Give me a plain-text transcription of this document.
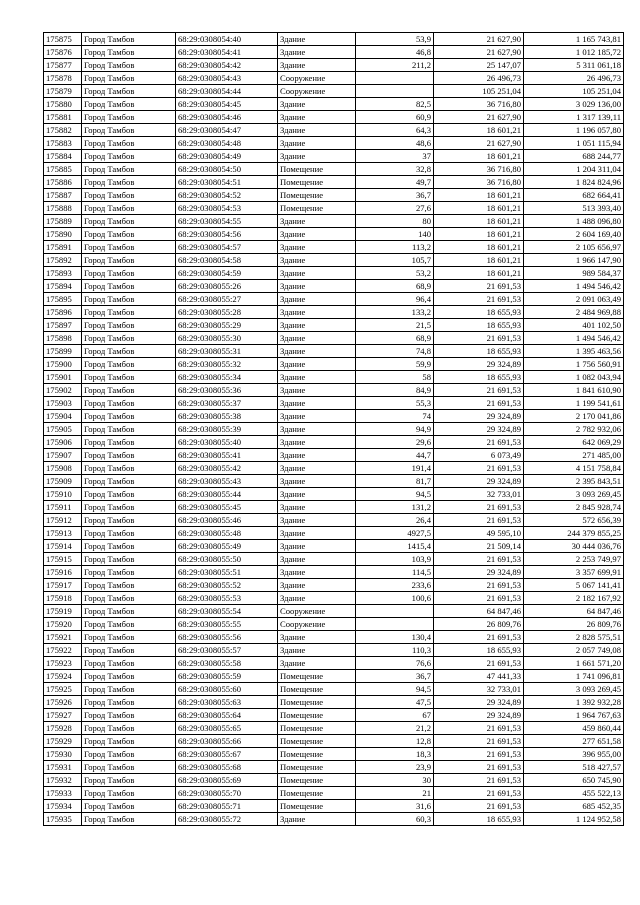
175875	Город Тамбов	68:29:0308054:40	Здание	53,9	21 627,90	1 165 743,81
175876	Город Тамбов	68:29:0308054:41	Здание	46,8	21 627,90	1 012 185,72
175877	Город Тамбов	68:29:0308054:42	Здание	211,2	25 147,07	5 311 061,18
175878	Город Тамбов	68:29:0308054:43	Сооружение		26 496,73	26 496,73
175879	Город Тамбов	68:29:0308054:44	Сооружение		105 251,04	105 251,04
175880	Город Тамбов	68:29:0308054:45	Здание	82,5	36 716,80	3 029 136,00
175881	Город Тамбов	68:29:0308054:46	Здание	60,9	21 627,90	1 317 139,11
175882	Город Тамбов	68:29:0308054:47	Здание	64,3	18 601,21	1 196 057,80
175883	Город Тамбов	68:29:0308054:48	Здание	48,6	21 627,90	1 051 115,94
175884	Город Тамбов	68:29:0308054:49	Здание	37	18 601,21	688 244,77
175885	Город Тамбов	68:29:0308054:50	Помещение	32,8	36 716,80	1 204 311,04
175886	Город Тамбов	68:29:0308054:51	Помещение	49,7	36 716,80	1 824 824,96
175887	Город Тамбов	68:29:0308054:52	Помещение	36,7	18 601,21	682 664,41
175888	Город Тамбов	68:29:0308054:53	Помещение	27,6	18 601,21	513 393,40
175889	Город Тамбов	68:29:0308054:55	Здание	80	18 601,21	1 488 096,80
175890	Город Тамбов	68:29:0308054:56	Здание	140	18 601,21	2 604 169,40
175891	Город Тамбов	68:29:0308054:57	Здание	113,2	18 601,21	2 105 656,97
175892	Город Тамбов	68:29:0308054:58	Здание	105,7	18 601,21	1 966 147,90
175893	Город Тамбов	68:29:0308054:59	Здание	53,2	18 601,21	989 584,37
175894	Город Тамбов	68:29:0308055:26	Здание	68,9	21 691,53	1 494 546,42
175895	Город Тамбов	68:29:0308055:27	Здание	96,4	21 691,53	2 091 063,49
175896	Город Тамбов	68:29:0308055:28	Здание	133,2	18 655,93	2 484 969,88
175897	Город Тамбов	68:29:0308055:29	Здание	21,5	18 655,93	401 102,50
175898	Город Тамбов	68:29:0308055:30	Здание	68,9	21 691,53	1 494 546,42
175899	Город Тамбов	68:29:0308055:31	Здание	74,8	18 655,93	1 395 463,56
175900	Город Тамбов	68:29:0308055:32	Здание	59,9	29 324,89	1 756 560,91
175901	Город Тамбов	68:29:0308055:34	Здание	58	18 655,93	1 082 043,94
175902	Город Тамбов	68:29:0308055:36	Здание	84,9	21 691,53	1 841 610,90
175903	Город Тамбов	68:29:0308055:37	Здание	55,3	21 691,53	1 199 541,61
175904	Город Тамбов	68:29:0308055:38	Здание	74	29 324,89	2 170 041,86
175905	Город Тамбов	68:29:0308055:39	Здание	94,9	29 324,89	2 782 932,06
175906	Город Тамбов	68:29:0308055:40	Здание	29,6	21 691,53	642 069,29
175907	Город Тамбов	68:29:0308055:41	Здание	44,7	6 073,49	271 485,00
175908	Город Тамбов	68:29:0308055:42	Здание	191,4	21 691,53	4 151 758,84
175909	Город Тамбов	68:29:0308055:43	Здание	81,7	29 324,89	2 395 843,51
175910	Город Тамбов	68:29:0308055:44	Здание	94,5	32 733,01	3 093 269,45
175911	Город Тамбов	68:29:0308055:45	Здание	131,2	21 691,53	2 845 928,74
175912	Город Тамбов	68:29:0308055:46	Здание	26,4	21 691,53	572 656,39
175913	Город Тамбов	68:29:0308055:48	Здание	4927,5	49 595,10	244 379 855,25
175914	Город Тамбов	68:29:0308055:49	Здание	1415,4	21 509,14	30 444 036,76
175915	Город Тамбов	68:29:0308055:50	Здание	103,9	21 691,53	2 253 749,97
175916	Город Тамбов	68:29:0308055:51	Здание	114,5	29 324,89	3 357 699,91
175917	Город Тамбов	68:29:0308055:52	Здание	233,6	21 691,53	5 067 141,41
175918	Город Тамбов	68:29:0308055:53	Здание	100,6	21 691,53	2 182 167,92
175919	Город Тамбов	68:29:0308055:54	Сооружение		64 847,46	64 847,46
175920	Город Тамбов	68:29:0308055:55	Сооружение		26 809,76	26 809,76
175921	Город Тамбов	68:29:0308055:56	Здание	130,4	21 691,53	2 828 575,51
175922	Город Тамбов	68:29:0308055:57	Здание	110,3	18 655,93	2 057 749,08
175923	Город Тамбов	68:29:0308055:58	Здание	76,6	21 691,53	1 661 571,20
175924	Город Тамбов	68:29:0308055:59	Помещение	36,7	47 441,33	1 741 096,81
175925	Город Тамбов	68:29:0308055:60	Помещение	94,5	32 733,01	3 093 269,45
175926	Город Тамбов	68:29:0308055:63	Помещение	47,5	29 324,89	1 392 932,28
175927	Город Тамбов	68:29:0308055:64	Помещение	67	29 324,89	1 964 767,63
175928	Город Тамбов	68:29:0308055:65	Помещение	21,2	21 691,53	459 860,44
175929	Город Тамбов	68:29:0308055:66	Помещение	12,8	21 691,53	277 651,58
175930	Город Тамбов	68:29:0308055:67	Помещение	18,3	21 691,53	396 955,00
175931	Город Тамбов	68:29:0308055:68	Помещение	23,9	21 691,53	518 427,57
175932	Город Тамбов	68:29:0308055:69	Помещение	30	21 691,53	650 745,90
175933	Город Тамбов	68:29:0308055:70	Помещение	21	21 691,53	455 522,13
175934	Город Тамбов	68:29:0308055:71	Помещение	31,6	21 691,53	685 452,35
175935	Город Тамбов	68:29:0308055:72	Здание	60,3	18 655,93	1 124 952,58
